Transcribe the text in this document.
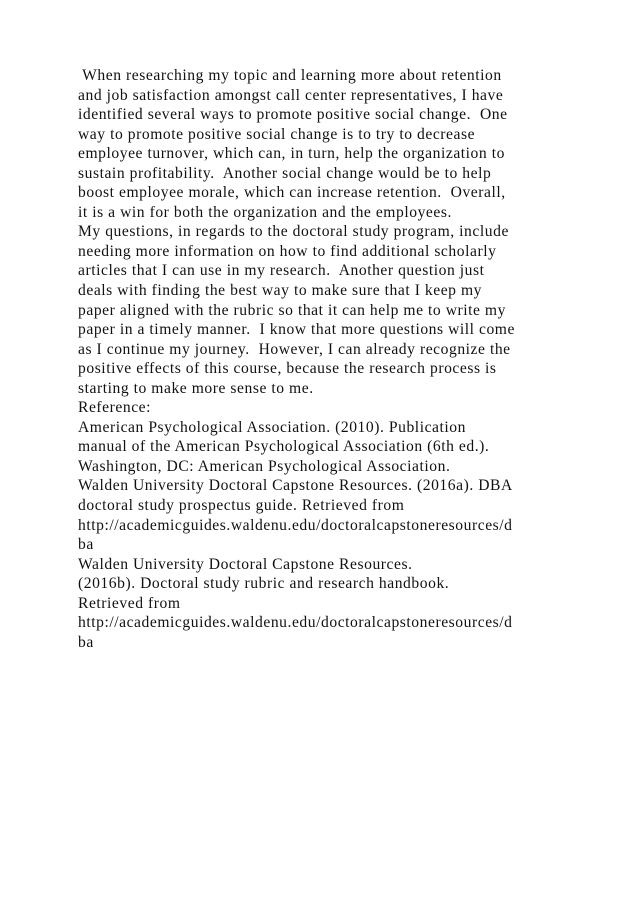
When researching my topic and learning more about retention
and job satisfaction amongst call center representatives, I have
identified several ways to promote positive social change.  One
way to promote positive social change is to try to decrease
employee turnover, which can, in turn, help the organization to
sustain profitability.  Another social change would be to help
boost employee morale, which can increase retention.  Overall,
it is a win for both the organization and the employees.
My questions, in regards to the doctoral study program, include
needing more information on how to find additional scholarly
articles that I can use in my research.  Another question just
deals with finding the best way to make sure that I keep my
paper aligned with the rubric so that it can help me to write my
paper in a timely manner.  I know that more questions will come
as I continue my journey.  However, I can already recognize the
positive effects of this course, because the research process is
starting to make more sense to me.
Reference:
American Psychological Association. (2010). Publication
manual of the American Psychological Association (6th ed.).
Washington, DC: American Psychological Association.
Walden University Doctoral Capstone Resources. (2016a). DBA
doctoral study prospectus guide. Retrieved from
http://academicguides.waldenu.edu/doctoralcapstoneresources/d
ba
Walden University Doctoral Capstone Resources.
(2016b). Doctoral study rubric and research handbook.
Retrieved from
http://academicguides.waldenu.edu/doctoralcapstoneresources/d
ba
